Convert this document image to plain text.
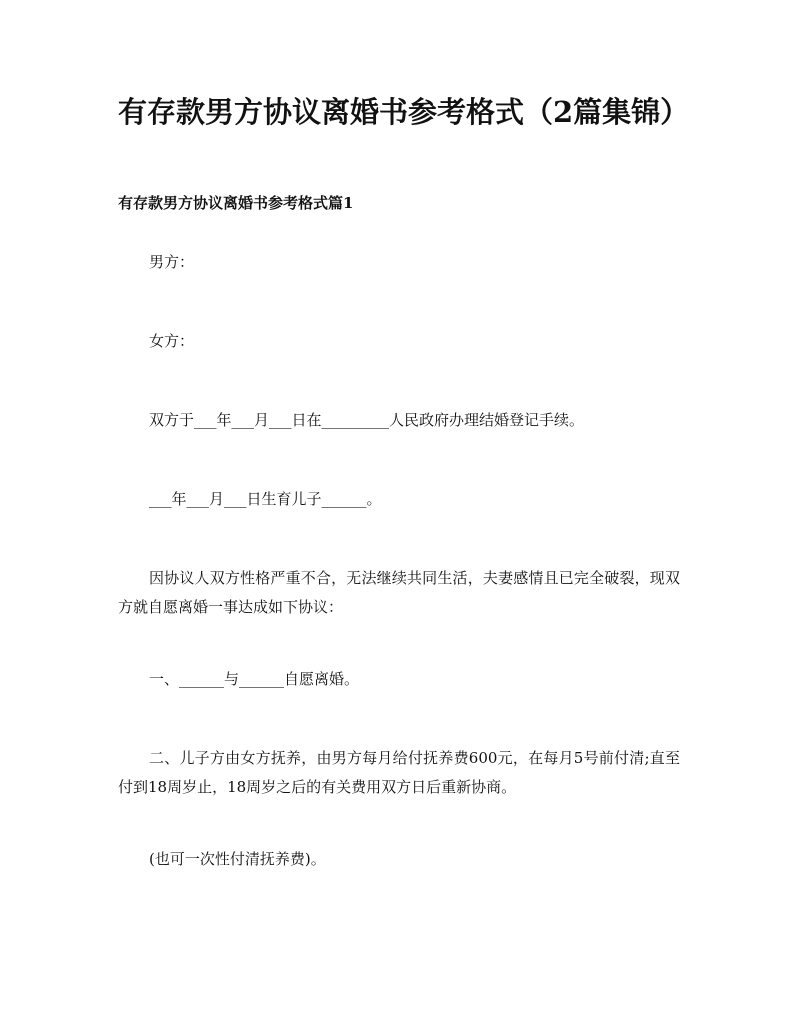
有存款男方协议离婚书参考格式（2篇集锦）
有存款男方协议离婚书参考格式篇1

男方：

女方：

双方于___年___月___日在_________人民政府办理结婚登记手续。

___年___月___日生育儿子______。

因协议人双方性格严重不合，无法继续共同生活，夫妻感情且已完全破裂，现双方就自愿离婚一事达成如下协议：

一、______与______自愿离婚。

二、儿子方由女方抚养，由男方每月给付抚养费600元，在每月5号前付清;直至付到18周岁止，18周岁之后的有关费用双方日后重新协商。

(也可一次性付清抚养费)。
